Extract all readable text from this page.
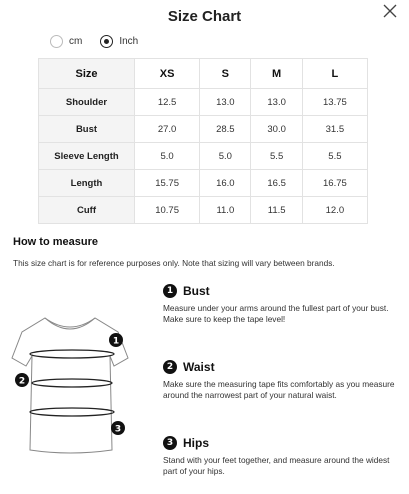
Size Chart
cm	Inch
Size	XS	S	M	L
Shoulder	12.5	13.0	13.0	13.75
Bust	27.0	28.5	30.0	31.5
Sleeve Length	5.0	5.0	5.5	5.5
Length	15.75	16.0	16.5	16.75
Cuff	10.75	11.0	11.5	12.0
How to measure
This size chart is for reference purposes only. Note that sizing will vary between brands.
1
2
3
1 Bust
Measure under your arms around the fullest part of your bust. Make sure to keep the tape level!
2 Waist
Make sure the measuring tape fits comfortably as you measure around the narrowest part of your natural waist.
3 Hips
Stand with your feet together, and measure around the widest part of your hips.
